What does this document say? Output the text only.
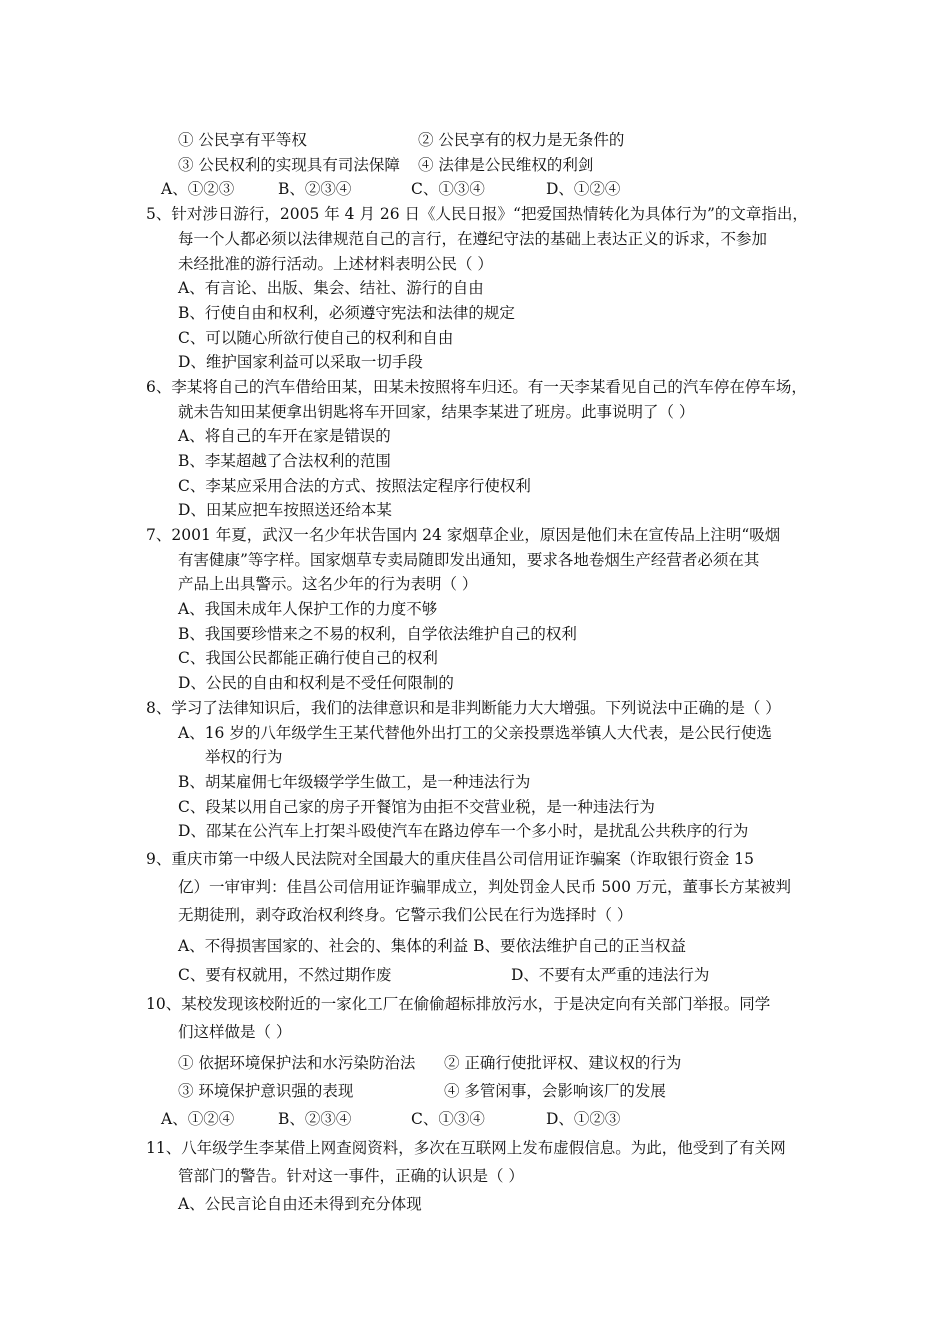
① 公民享有平等权	② 公民享有的权力是无条件的
③ 公民权利的实现具有司法保障 ④ 法律是公民维权的利剑
A、①②③	B、②③④	C、①③④	D、①②④
5、针对涉日游行，2005 年 4 月 26 日《人民日报》“把爱国热情转化为具体行为”的文章指出，
每一个人都必须以法律规范自己的言行，在遵纪守法的基础上表达正义的诉求，不参加
未经批准的游行活动。上述材料表明公民（ ）
A、有言论、出版、集会、结社、游行的自由
B、行使自由和权利，必须遵守宪法和法律的规定
C、可以随心所欲行使自己的权利和自由
D、维护国家利益可以采取一切手段
6、李某将自己的汽车借给田某，田某未按照将车归还。有一天李某看见自己的汽车停在停车场，
就未告知田某便拿出钥匙将车开回家，结果李某进了班房。此事说明了（ ）
A、将自己的车开在家是错误的
B、李某超越了合法权利的范围
C、李某应采用合法的方式、按照法定程序行使权利
D、田某应把车按照送还给本某
7、2001 年夏，武汉一名少年状告国内 24 家烟草企业，原因是他们未在宣传品上注明“吸烟
有害健康”等字样。国家烟草专卖局随即发出通知，要求各地卷烟生产经营者必须在其
产品上出具警示。这名少年的行为表明（ ）
A、我国未成年人保护工作的力度不够
B、我国要珍惜来之不易的权利，自学依法维护自己的权利
C、我国公民都能正确行使自己的权利
D、公民的自由和权利是不受任何限制的
8、学习了法律知识后，我们的法律意识和是非判断能力大大增强。下列说法中正确的是（ ）
A、16 岁的八年级学生王某代替他外出打工的父亲投票选举镇人大代表，是公民行使选
举权的行为
B、胡某雇佣七年级辍学学生做工，是一种违法行为
C、段某以用自己家的房子开餐馆为由拒不交营业税，是一种违法行为
D、邵某在公汽车上打架斗殴使汽车在路边停车一个多小时，是扰乱公共秩序的行为
9、重庆市第一中级人民法院对全国最大的重庆佳昌公司信用证诈骗案（诈取银行资金 15
亿）一审审判：佳昌公司信用证诈骗罪成立，判处罚金人民币 500 万元，董事长方某被判
无期徒刑，剥夺政治权利终身。它警示我们公民在行为选择时（ ）
A、不得损害国家的、社会的、集体的利益 B、要依法维护自己的正当权益
C、要有权就用，不然过期作废	D、不要有太严重的违法行为
10、某校发现该校附近的一家化工厂在偷偷超标排放污水，于是决定向有关部门举报。同学
们这样做是（ ）
① 依据环境保护法和水污染防治法 ② 正确行使批评权、建议权的行为
③ 环境保护意识强的表现	④ 多管闲事，会影响该厂的发展
A、①②④	B、②③④	C、①③④	D、①②③
11、八年级学生李某借上网查阅资料，多次在互联网上发布虚假信息。为此，他受到了有关网
管部门的警告。针对这一事件，正确的认识是（ ）
A、公民言论自由还未得到充分体现
